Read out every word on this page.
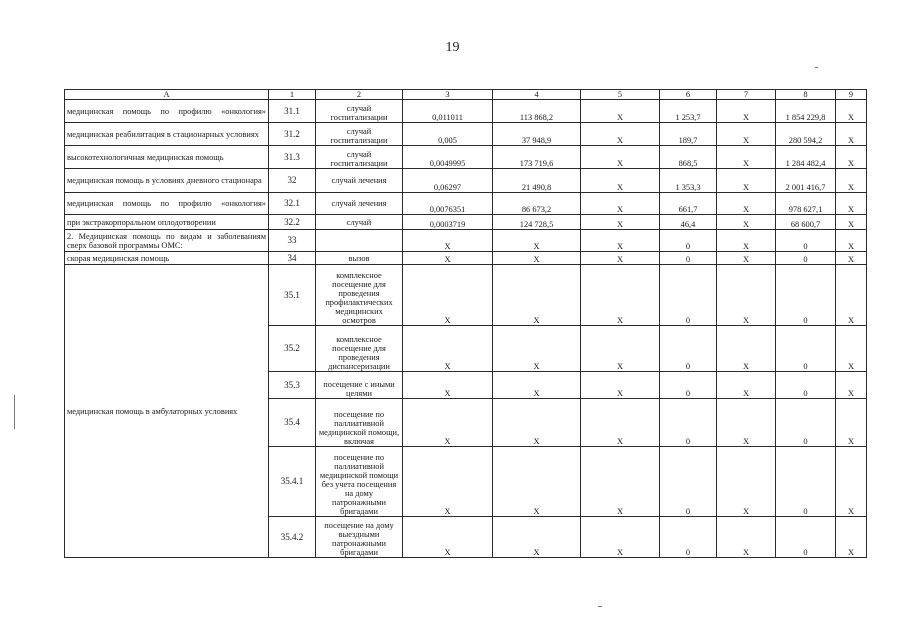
19
А	1	2	3	4	5	6	7	8	9
медицинская помощь по профилю «онкология»	31.1	случай госпитализации	0,011011	113 868,2	Х	1 253,7	Х	1 854 229,8	Х
медицинская реабилитация в стационарных условиях	31.2	случай госпитализации	0,005	37 948,9	Х	189,7	Х	280 594,2	Х
высокотехнологичная медицинская помощь	31.3	случай госпитализации	0,0049995	173 719,6	Х	868,5	Х	1 284 482,4	Х
медицинская помощь в условиях дневного стационара	32	случай лечения	0,06297	21 490,8	Х	1 353,3	Х	2 001 416,7	Х
медицинская помощь по профилю «онкология»	32.1	случай лечения	0,0076351	86 673,2	Х	661,7	Х	978 627,1	Х
при экстракорпоральном оплодотворении	32.2	случай	0,0003719	124 728,5	Х	46,4	Х	68 600,7	Х
2. Медицинская помощь по видам и заболеваниям сверх базовой программы ОМС:	33		Х	Х	Х	0	Х	0	Х
скорая медицинская помощь	34	вызов	Х	Х	Х	0	Х	0	Х
медицинская помощь в амбулаторных условиях	35.1	комплексное посещение для проведения профилактических медицинских осмотров	Х	Х	Х	0	Х	0	Х
	35.2	комплексное посещение для проведения диспансеризации	Х	Х	Х	0	Х	0	Х
	35.3	посещение с иными целями	Х	Х	Х	0	Х	0	Х
	35.4	посещение по паллиативной медицинской помощи, включая	Х	Х	Х	0	Х	0	Х
	35.4.1	посещение по паллиативной медицинской помощи без учета посещения на дому патронажными бригадами	Х	Х	Х	0	Х	0	Х
	35.4.2	посещение на дому выездными патронажными бригадами	Х	Х	Х	0	Х	0	Х
